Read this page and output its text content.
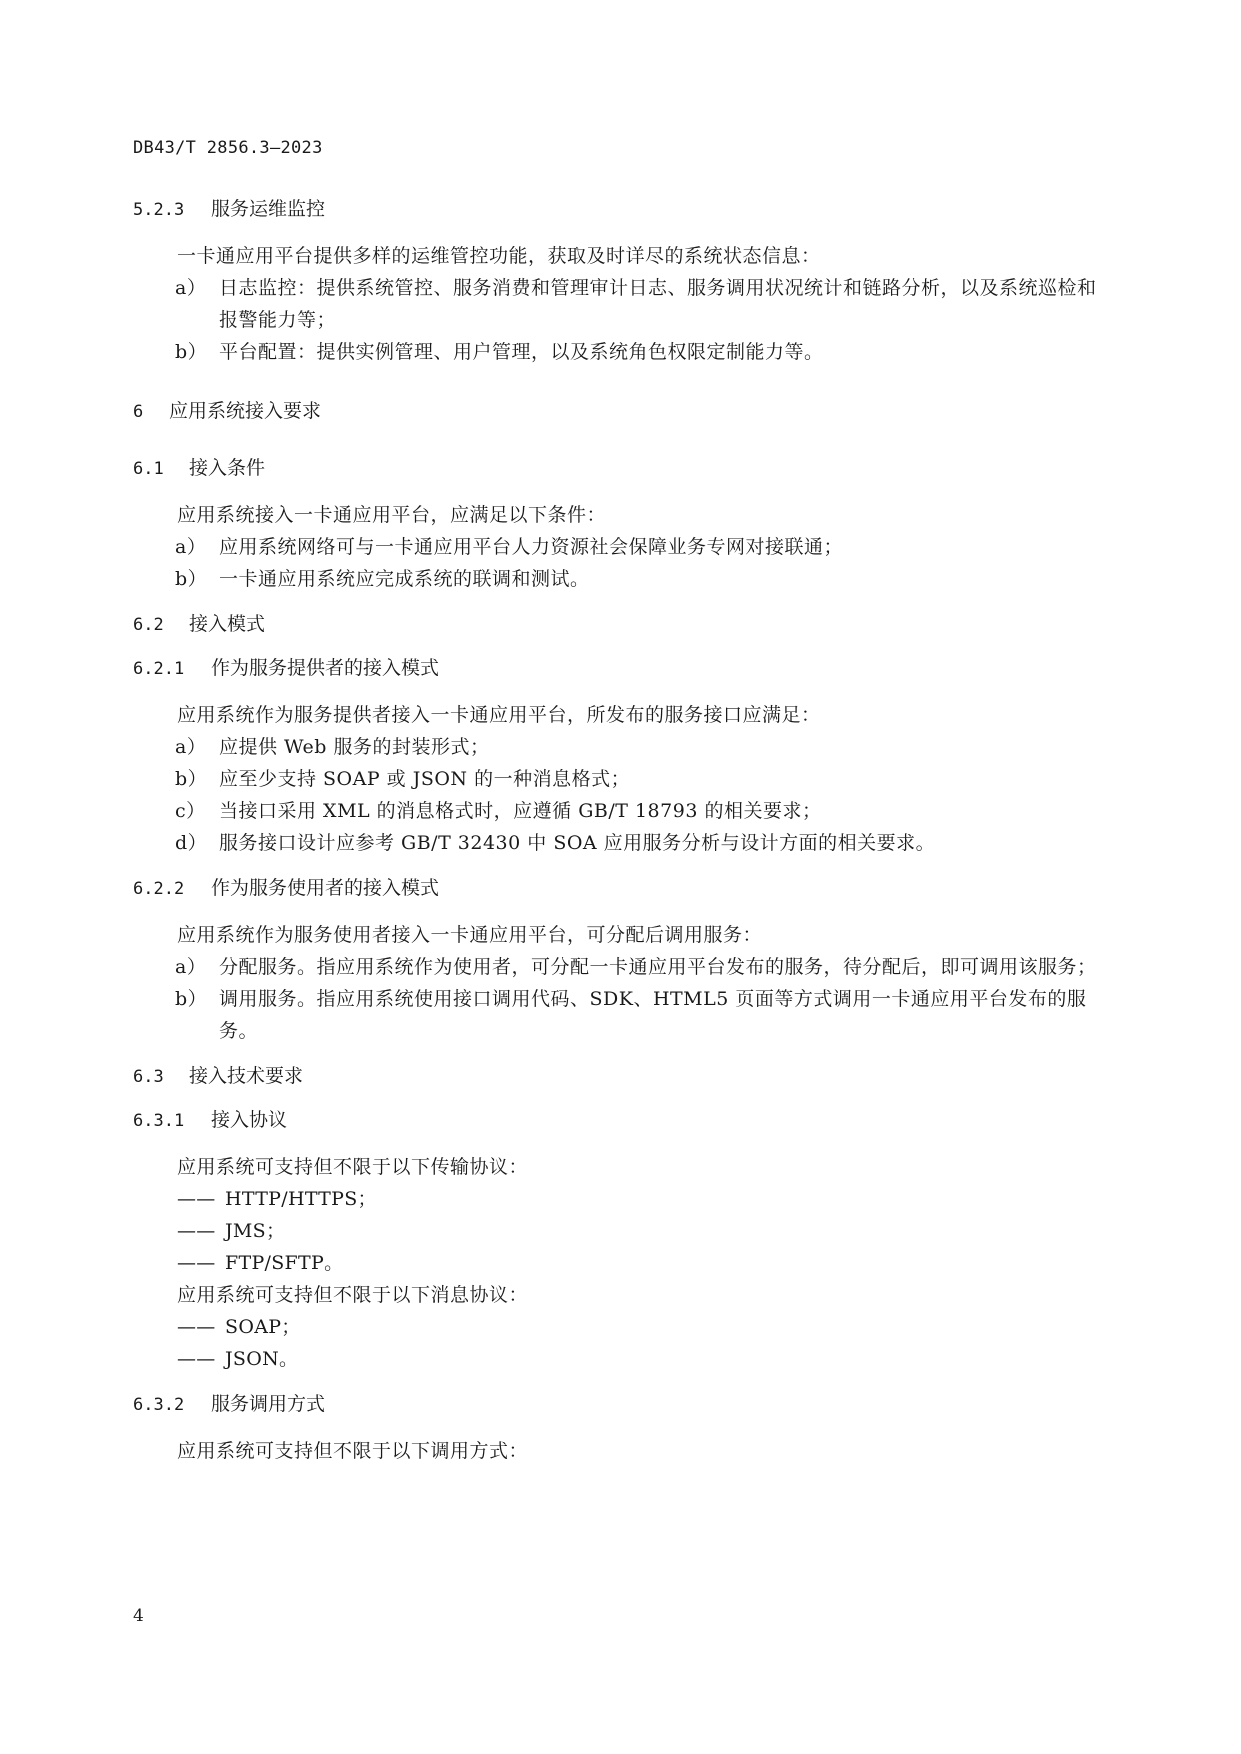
DB43/T 2856.3—2023
5.2.3 服务运维监控

一卡通应用平台提供多样的运维管控功能，获取及时详尽的系统状态信息：

a） 日志监控：提供系统管控、服务消费和管理审计日志、服务调用状况统计和链路分析，以及系统巡检和报警能力等；

b） 平台配置：提供实例管理、用户管理，以及系统角色权限定制能力等。

6 应用系统接入要求
6.1 接入条件

应用系统接入一卡通应用平台，应满足以下条件：

a） 应用系统网络可与一卡通应用平台人力资源社会保障业务专网对接联通；

b） 一卡通应用系统应完成系统的联调和测试。

6.2 接入模式
6.2.1 作为服务提供者的接入模式

应用系统作为服务提供者接入一卡通应用平台，所发布的服务接口应满足：

a） 应提供 Web 服务的封装形式；

b） 应至少支持 SOAP 或 JSON 的一种消息格式；

c） 当接口采用 XML 的消息格式时，应遵循 GB/T 18793 的相关要求；

d） 服务接口设计应参考 GB/T 32430 中 SOA 应用服务分析与设计方面的相关要求。

6.2.2 作为服务使用者的接入模式

应用系统作为服务使用者接入一卡通应用平台，可分配后调用服务：

a） 分配服务。指应用系统作为使用者，可分配一卡通应用平台发布的服务，待分配后，即可调用该服务；

b） 调用服务。指应用系统使用接口调用代码、SDK、HTML5 页面等方式调用一卡通应用平台发布的服务。

6.3 接入技术要求
6.3.1 接入协议

应用系统可支持但不限于以下传输协议：

—— HTTP/HTTPS；

—— JMS；

—— FTP/SFTP。

应用系统可支持但不限于以下消息协议：

—— SOAP；

—— JSON。

6.3.2 服务调用方式

应用系统可支持但不限于以下调用方式：

4
